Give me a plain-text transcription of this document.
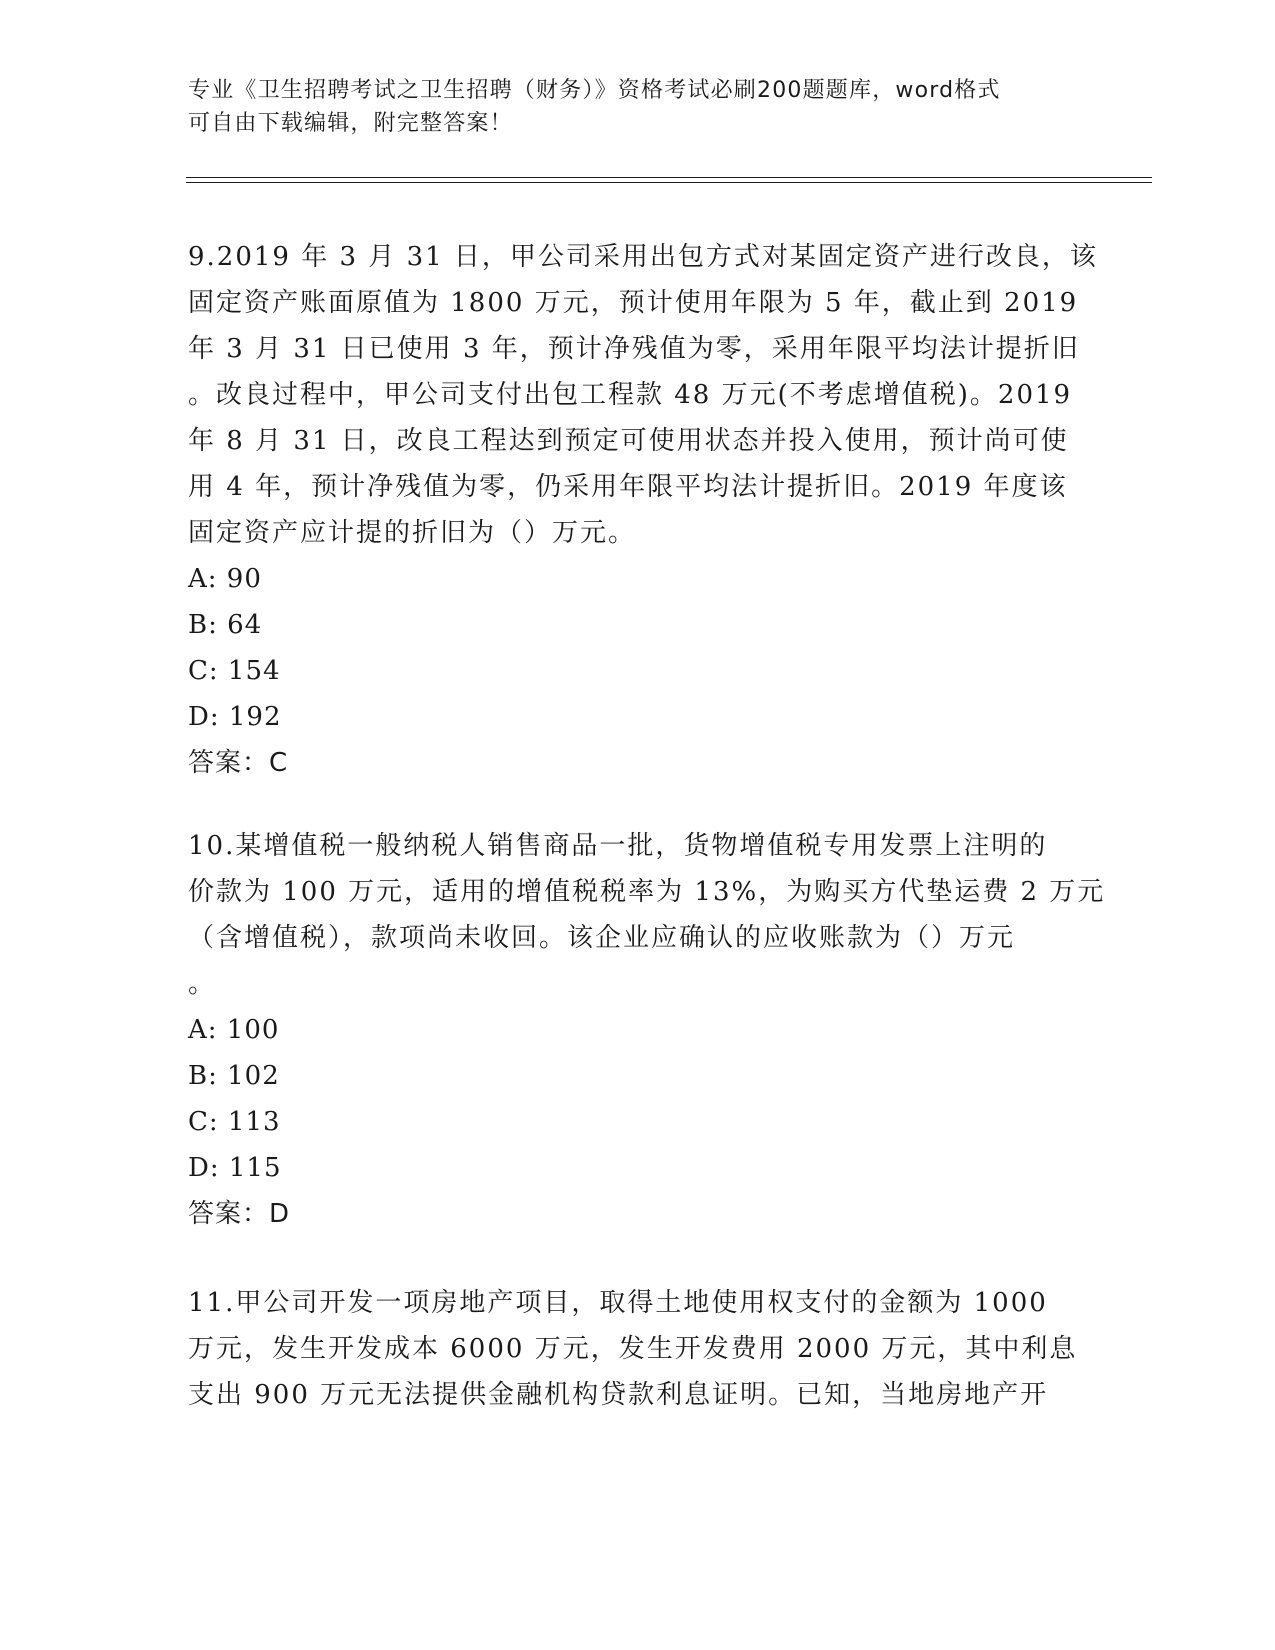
专业《卫生招聘考试之卫生招聘（财务）》资格考试必刷200题题库，word格式
可自由下载编辑，附完整答案！
9.2019 年 3 月 31 日，甲公司采用出包方式对某固定资产进行改良，该
固定资产账面原值为 1800 万元，预计使用年限为 5 年，截止到 2019
年 3 月 31 日已使用 3 年，预计净残值为零，采用年限平均法计提折旧
。改良过程中，甲公司支付出包工程款 48 万元(不考虑增值税)。2019
年 8 月 31 日，改良工程达到预定可使用状态并投入使用，预计尚可使
用 4 年，预计净残值为零，仍采用年限平均法计提折旧。2019 年度该
固定资产应计提的折旧为（）万元。
A: 90
B: 64
C: 154
D: 192
答案：C
10.某增值税一般纳税人销售商品一批，货物增值税专用发票上注明的
价款为 100 万元，适用的增值税税率为 13%，为购买方代垫运费 2 万元
（含增值税），款项尚未收回。该企业应确认的应收账款为（）万元
。
A: 100
B: 102
C: 113
D: 115
答案：D
11.甲公司开发一项房地产项目，取得土地使用权支付的金额为 1000
万元，发生开发成本 6000 万元，发生开发费用 2000 万元，其中利息
支出 900 万元无法提供金融机构贷款利息证明。已知，当地房地产开
